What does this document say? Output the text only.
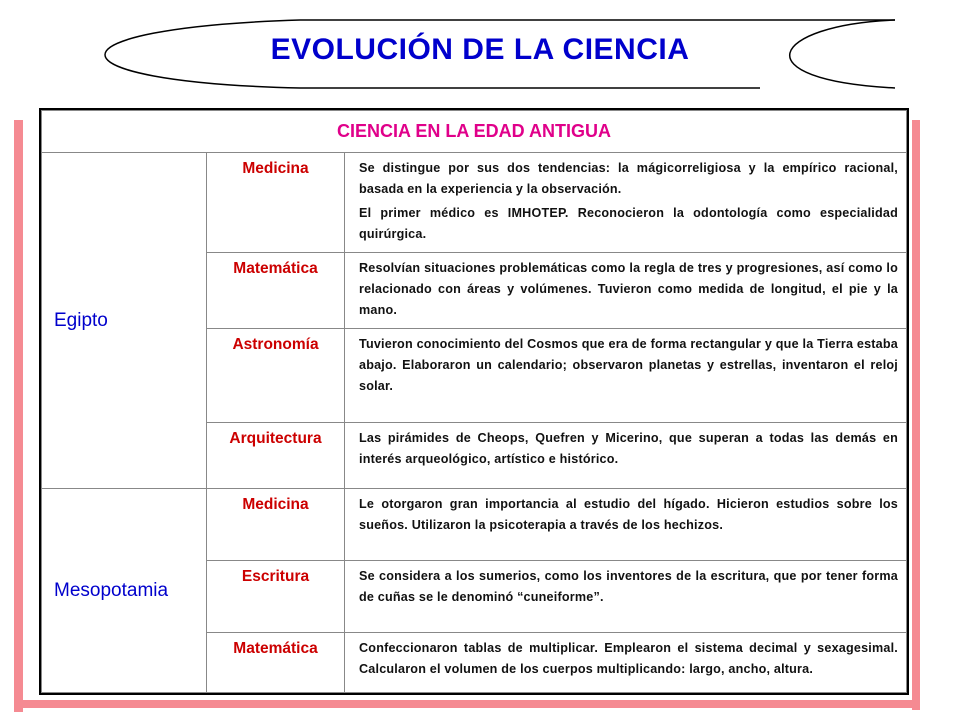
EVOLUCIÓN DE LA CIENCIA
CIENCIA EN LA EDAD ANTIGUA		
Egipto	Medicina	Se distingue por sus dos tendencias: la mágicorreligiosa y la empírico racional, basada en la experiencia y la observación.

El primer médico es IMHOTEP. Reconocieron la odontología como especialidad quirúrgica.

	Matemática	Resolvían situaciones problemáticas como la regla de tres y progresiones, así como lo relacionado con áreas y volúmenes. Tuvieron como medida de longitud, el pie y la mano.

	Astronomía	Tuvieron conocimiento del Cosmos que era de forma rectangular y que la Tierra estaba abajo. Elaboraron un calendario; observaron planetas y estrellas, inventaron el reloj solar.

	Arquitectura	Las pirámides de Cheops, Quefren y Micerino, que superan a todas las demás en interés arqueológico, artístico e histórico.

Mesopotamia	Medicina	Le otorgaron gran importancia al estudio del hígado. Hicieron estudios sobre los sueños. Utilizaron la psicoterapia a través de los hechizos.

	Escritura	Se considera a los sumerios, como los inventores de la escritura, que por tener forma de cuñas se le denominó “cuneiforme”.

	Matemática	Confeccionaron tablas de multiplicar. Emplearon el sistema decimal y sexagesimal. Calcularon el volumen de los cuerpos multiplicando: largo, ancho, altura.
